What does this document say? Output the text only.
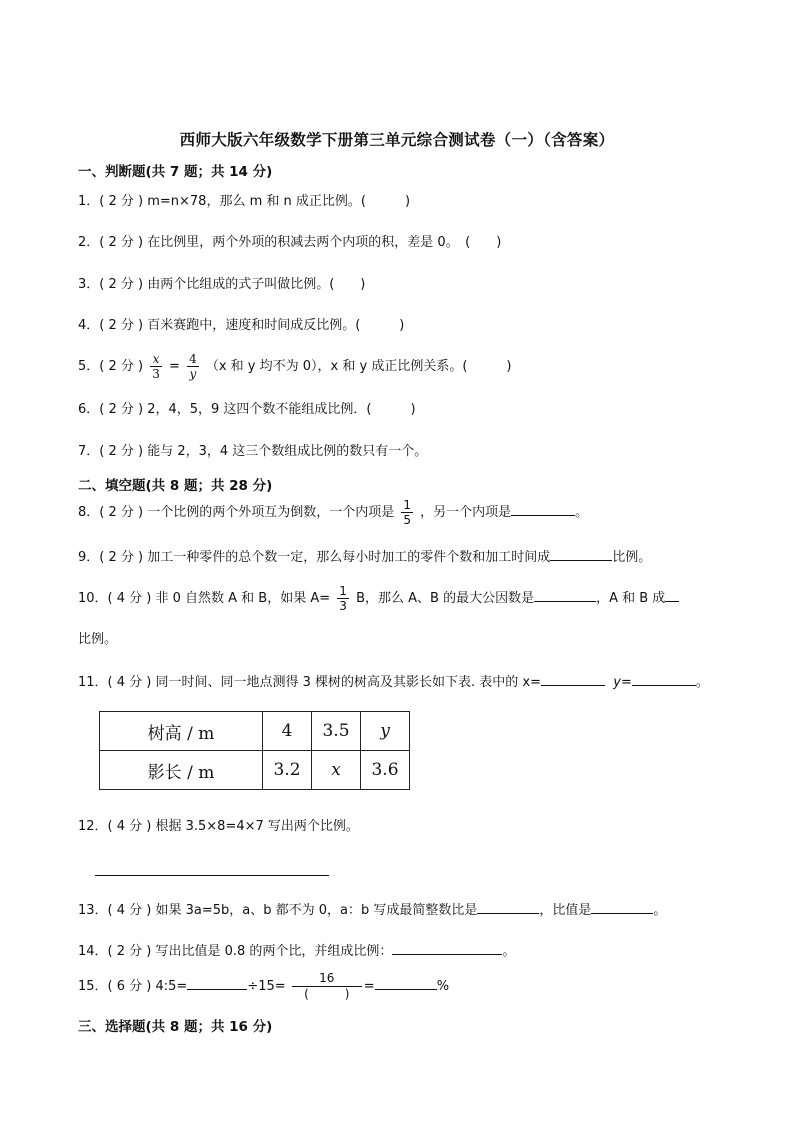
西师大版六年级数学下册第三单元综合测试卷（一）（含答案）
一、判断题(共 7 题；共 14 分)
1．( 2 分 ) m=n×78，那么 m 和 n 成正比例。(　　　)
2．( 2 分 ) 在比例里，两个外项的积减去两个内项的积，差是 0。　(　　)
3．( 2 分 ) 由两个比组成的式子叫做比例。(　　)
4．( 2 分 ) 百米赛跑中，速度和时间成反比例。(　　　)
5．( 2 分 ) $\frac{x}{3} = \frac{4}{y} (x$ 和 y 均不为 0），x 和 y 成正比例关系。(　　　)
6．( 2 分 ) 2，4，5，9 这四个数不能组成比例．(　　　)
7．( 2 分 ) 能与 2，3，4 这三个数组成比例的数只有一个。
二、填空题(共 8 题；共 28 分)
8．( 2 分 ) 一个比例的两个外项互为倒数，一个内项是 $\frac{1}{5}$ ，另一个内项是	。
9．( 2 分 ) 加工一种零件的总个数一定，那么每小时加工的零件个数和加工时间成	比例。
10．( 4 分 ) 非 0 自然数 A 和 B，如果 $A= \frac{1}{3}$ B，那么 A、B 的最大公因数是	，A 和 B 成
比例。
11．( 4 分 ) 同一时间、同一地点测得 3 棵树的树高及其影长如下表. 表中的 x=	y=	。
树高 / m	4	3.5	y
影长 / m	3.2	x	3.6
12．( 4 分 ) 根据 3.5×8=4×7 写出两个比例。
13．( 4 分 ) 如果 3a=5b，a、b 都不为 0，a：b 写成最简整数比是	，比值是	。
14．( 2 分 ) 写出比值是 0.8 的两个比，并组成比例：	。
15．( 6 分 ) 4:5=	$\div 15= \frac{16}{( )}$ =	%
三、选择题(共 8 题；共 16 分)
